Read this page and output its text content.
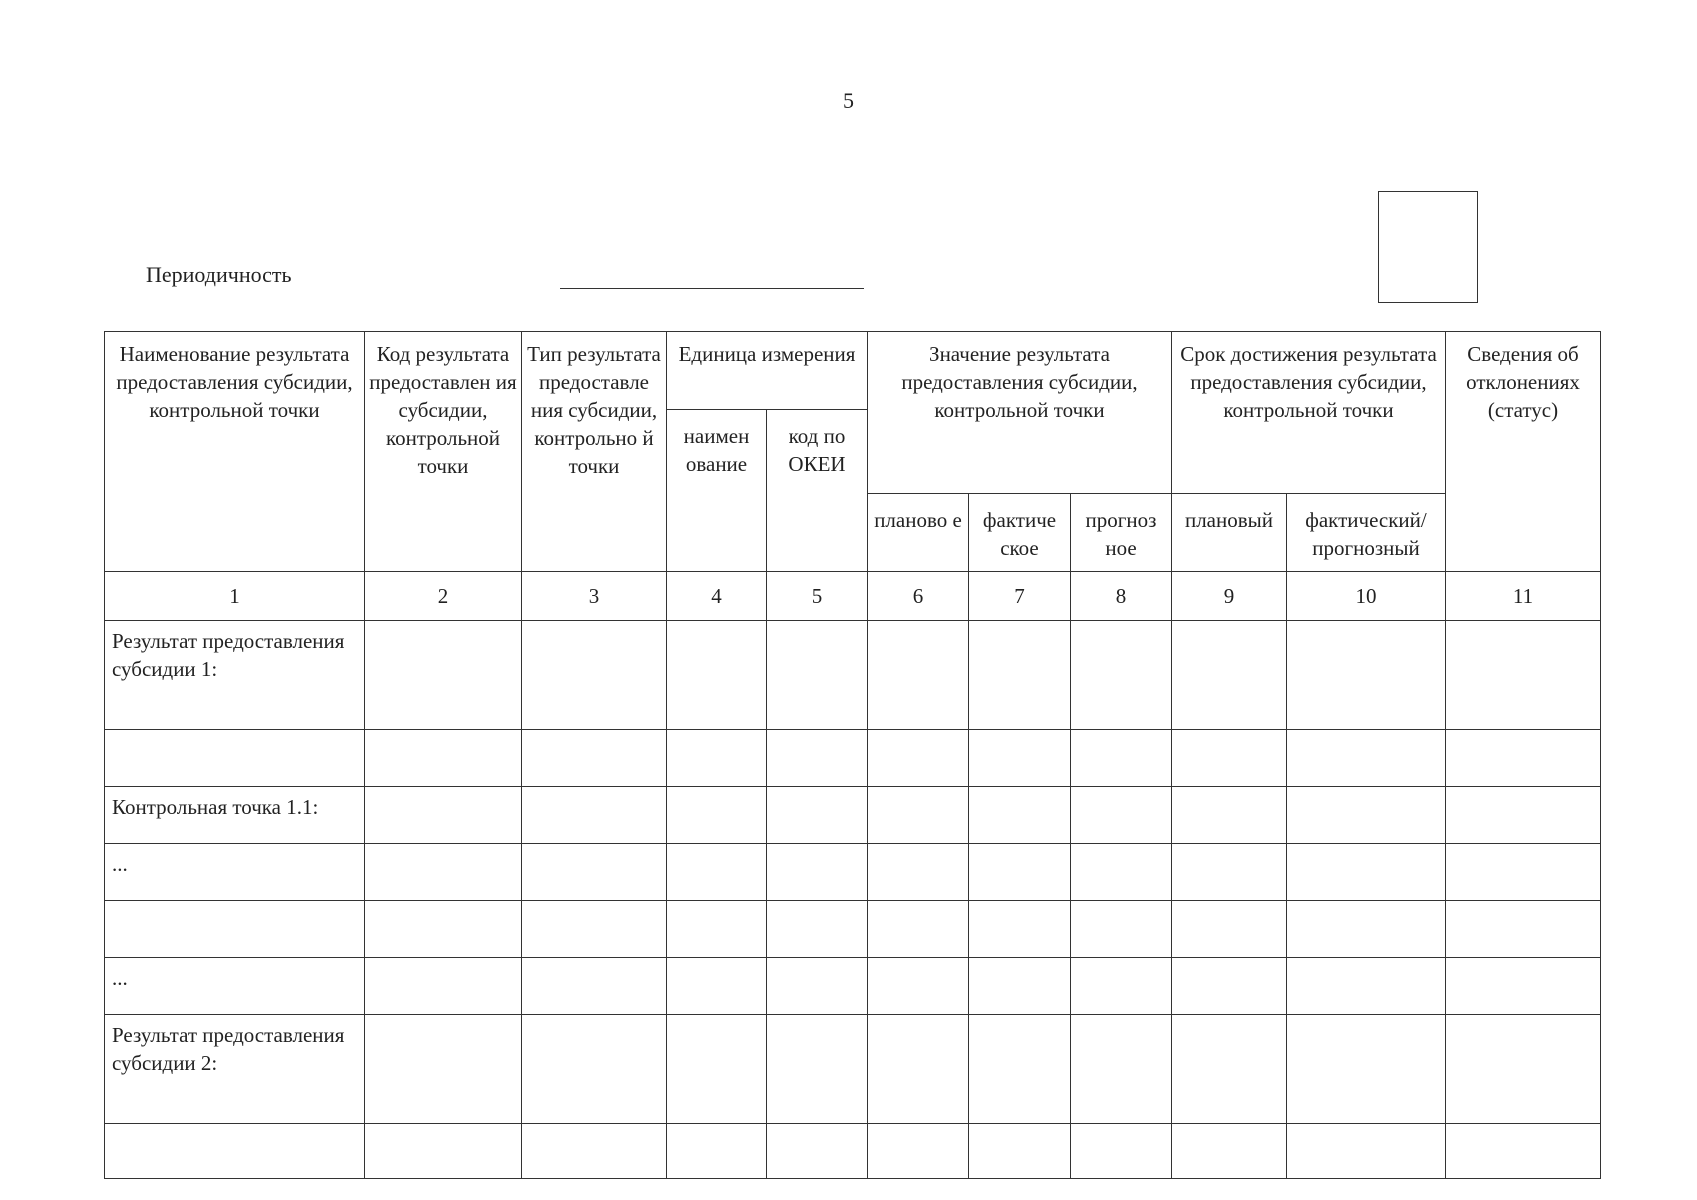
5
Периодичность
Наименование результата предоставления субсидии, контрольной точки	Код результата предоставлен ия субсидии, контрольной точки	Тип результата предоставле ния субсидии, контрольно й точки	Единица измерения		Значение результата предоставления субсидии, контрольной точки			Срок достижения результата предоставления субсидии, контрольной точки		Сведения об отклонениях (статус)
			наимен ование	код по ОКЕИ						
					планово е	фактиче ское	прогноз ное	плановый	фактический/ прогнозный	
1	2	3	4	5	6	7	8	9	10	11
Результат предоставления субсидии 1:										

Контрольная точка 1.1:										
...										

...										
Результат предоставления субсидии 2:										
